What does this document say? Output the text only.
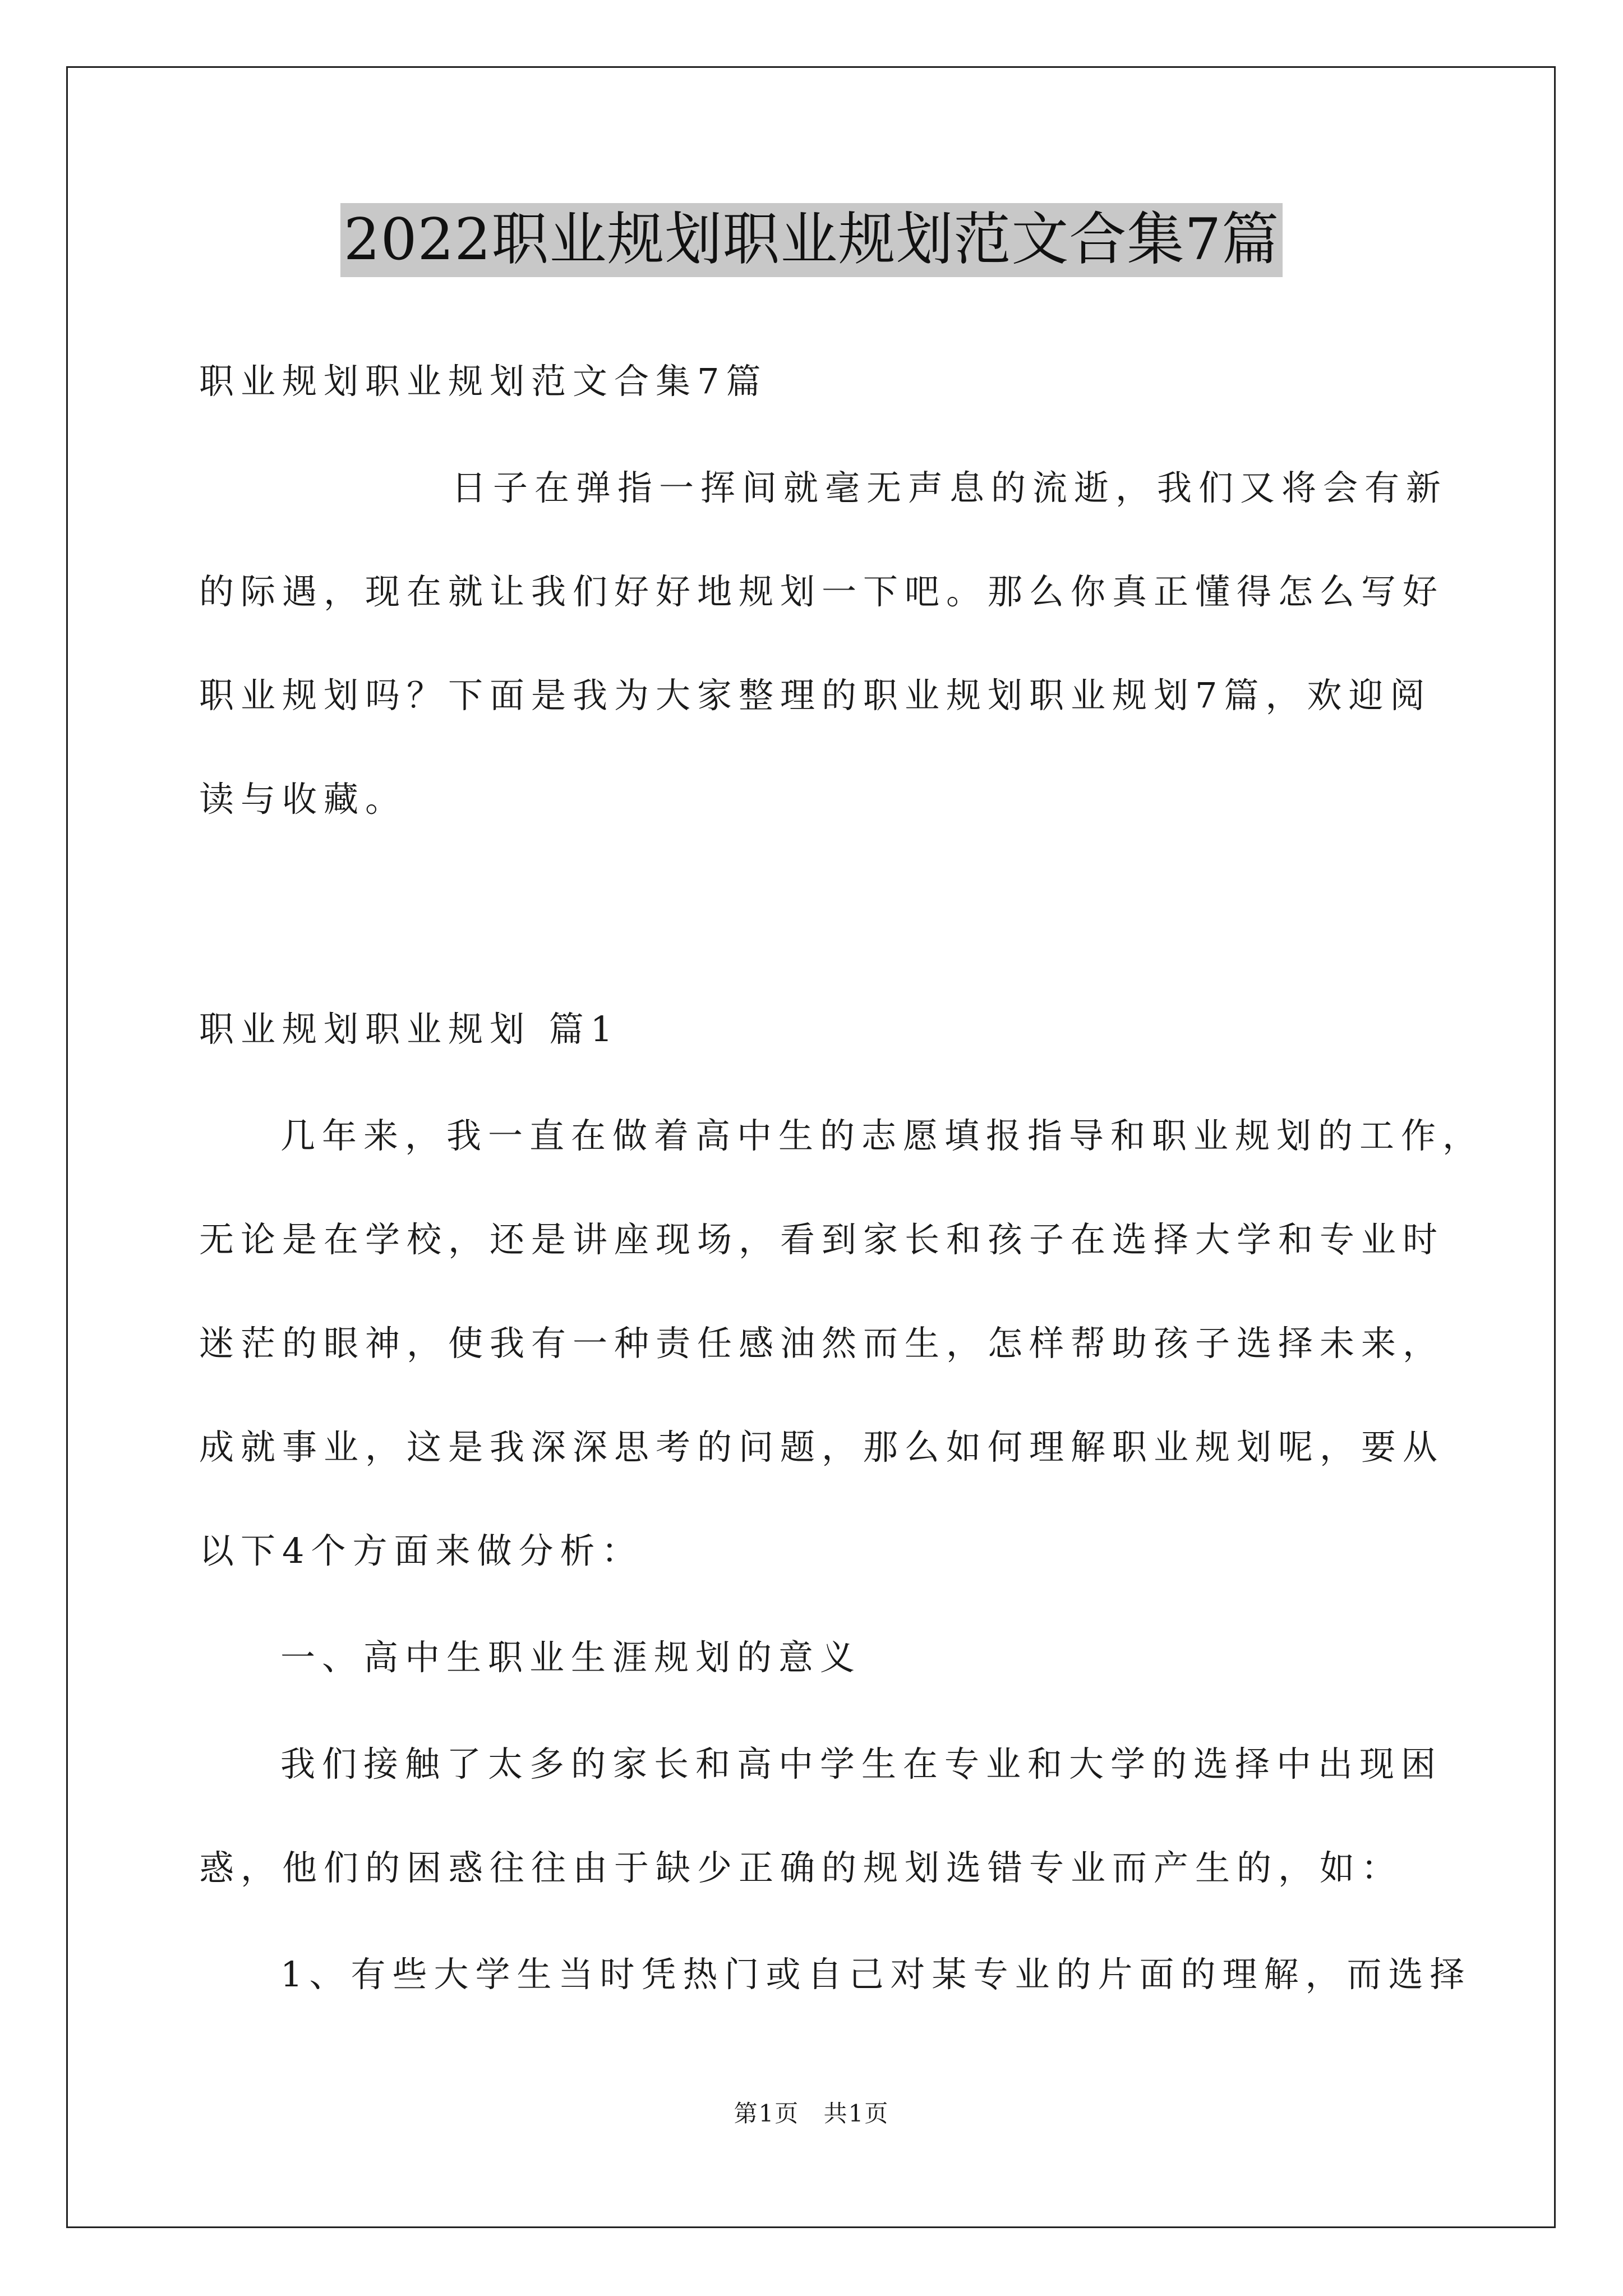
2022职业规划职业规划范文合集7篇
职业规划职业规划范文合集7篇
日子在弹指一挥间就毫无声息的流逝，我们又将会有新
的际遇，现在就让我们好好地规划一下吧。那么你真正懂得怎么写好
职业规划吗？下面是我为大家整理的职业规划职业规划7篇，欢迎阅
读与收藏。
职业规划职业规划 篇1
几年来，我一直在做着高中生的志愿填报指导和职业规划的工作，
无论是在学校，还是讲座现场，看到家长和孩子在选择大学和专业时
迷茫的眼神，使我有一种责任感油然而生，怎样帮助孩子选择未来，
成就事业，这是我深深思考的问题，那么如何理解职业规划呢，要从
以下4个方面来做分析：
一、高中生职业生涯规划的意义
我们接触了太多的家长和高中学生在专业和大学的选择中出现困
惑，他们的困惑往往由于缺少正确的规划选错专业而产生的，如：
1、有些大学生当时凭热门或自己对某专业的片面的理解，而选择
第1页 共1页
